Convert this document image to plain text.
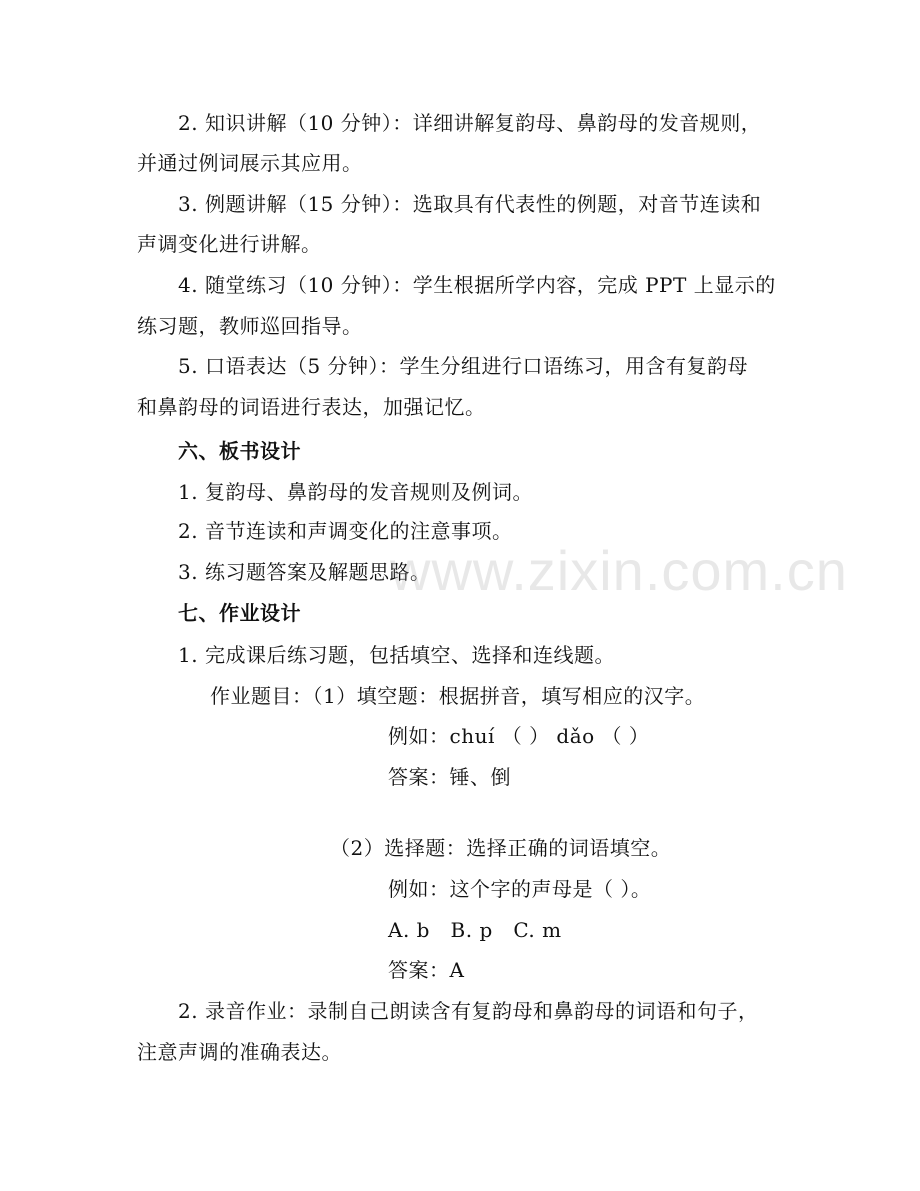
2. 知识讲解（10 分钟）：详细讲解复韵母、鼻韵母的发音规则，
并通过例词展示其应用。
3. 例题讲解（15 分钟）：选取具有代表性的例题，对音节连读和
声调变化进行讲解。
4. 随堂练习（10 分钟）：学生根据所学内容，完成 PPT 上显示的
练习题，教师巡回指导。
5. 口语表达（5 分钟）：学生分组进行口语练习，用含有复韵母
和鼻韵母的词语进行表达，加强记忆。
六、板书设计
1. 复韵母、鼻韵母的发音规则及例词。
2. 音节连读和声调变化的注意事项。
3. 练习题答案及解题思路。
七、作业设计
1. 完成课后练习题，包括填空、选择和连线题。
作业题目：（1）填空题：根据拼音，填写相应的汉字。
例如：chuí （ ） dǎo （ ）
答案：锤、倒
（2）选择题：选择正确的词语填空。
例如：这个字的声母是（ ）。
A. b   B. p   C. m
答案：A
2. 录音作业：录制自己朗读含有复韵母和鼻韵母的词语和句子，
注意声调的准确表达。
www.zixin.com.cn
